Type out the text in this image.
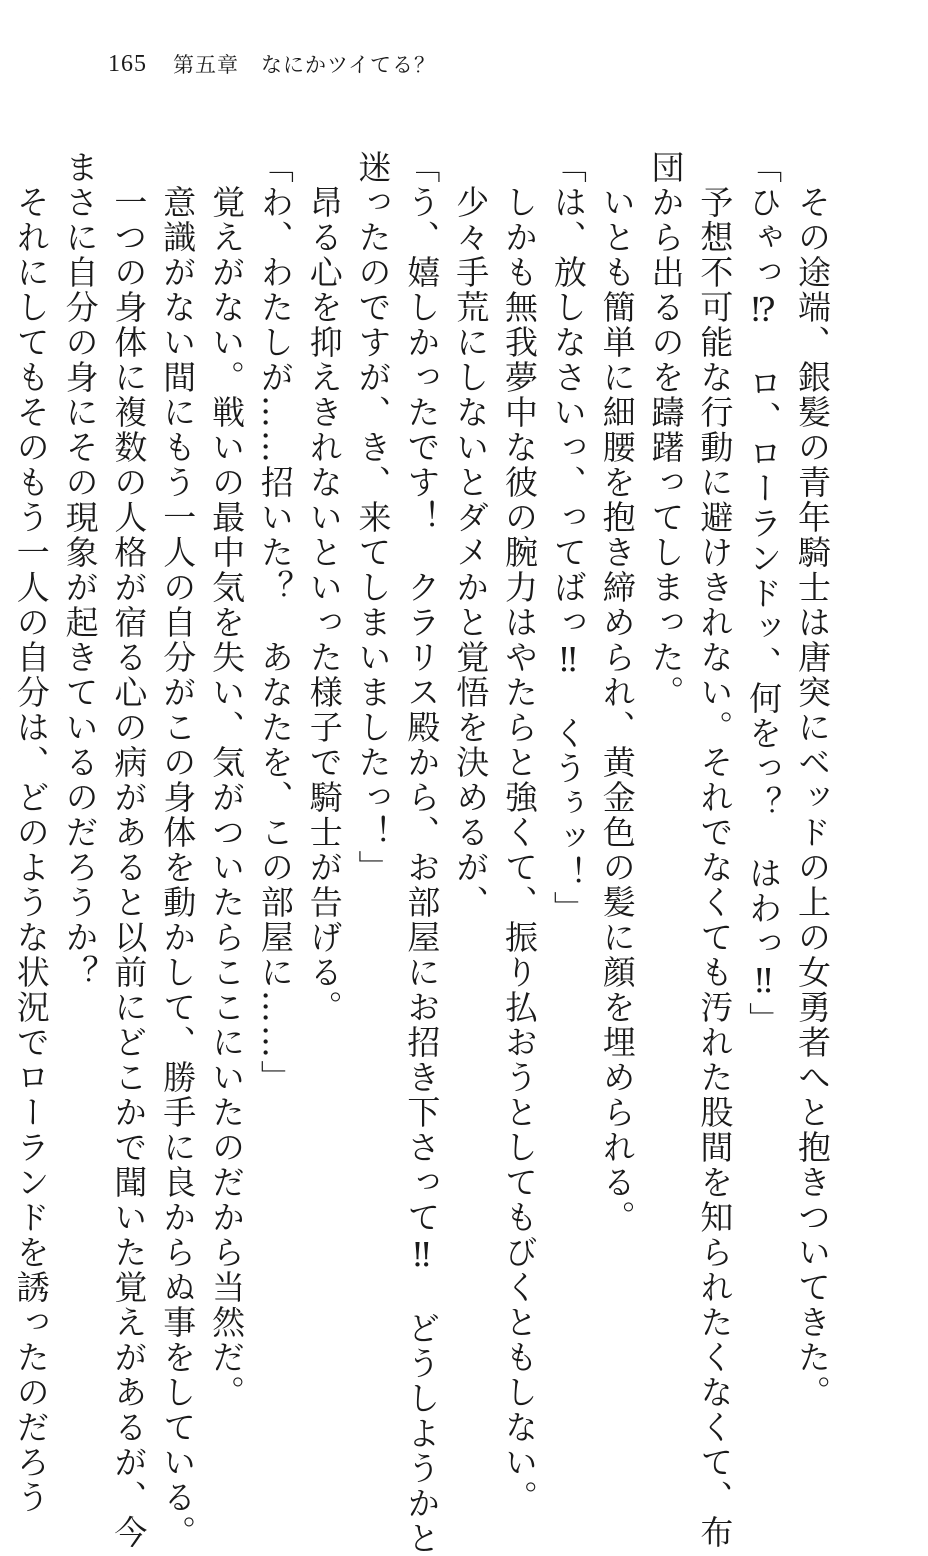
165 第五章　なにかツイてる？
　その途端、銀髪の青年騎士は唐突にベッドの上の女勇者へと抱きついてきた。
「ひゃっ⁉　ロ、ローランドッ、何をっ？　はわっ‼」
　予想不可能な行動に避けきれない。それでなくても汚れた股間を知られたくなくて、布
団から出るのを躊躇ってしまった。
　いとも簡単に細腰を抱き締められ、黄金色の髪に顔を埋められる。
「は、放しなさいっ、ってばっ‼　くうぅッ！」
　しかも無我夢中な彼の腕力はやたらと強くて、振り払おうとしてもびくともしない。
　少々手荒にしないとダメかと覚悟を決めるが、
「う、嬉しかったです！　クラリス殿から、お部屋にお招き下さって‼　どうしようかと
迷ったのですが、き、来てしまいましたっ！」
　昂る心を抑えきれないといった様子で騎士が告げる。
「わ、わたしが……招いた？　あなたを、この部屋に……」
　覚えがない。戦いの最中気を失い、気がついたらここにいたのだから当然だ。
　意識がない間にもう一人の自分がこの身体を動かして、勝手に良からぬ事をしている。
　一つの身体に複数の人格が宿る心の病があると以前にどこかで聞いた覚えがあるが、今
まさに自分の身にその現象が起きているのだろうか？
　それにしてもそのもう一人の自分は、どのような状況でローランドを誘ったのだろう
